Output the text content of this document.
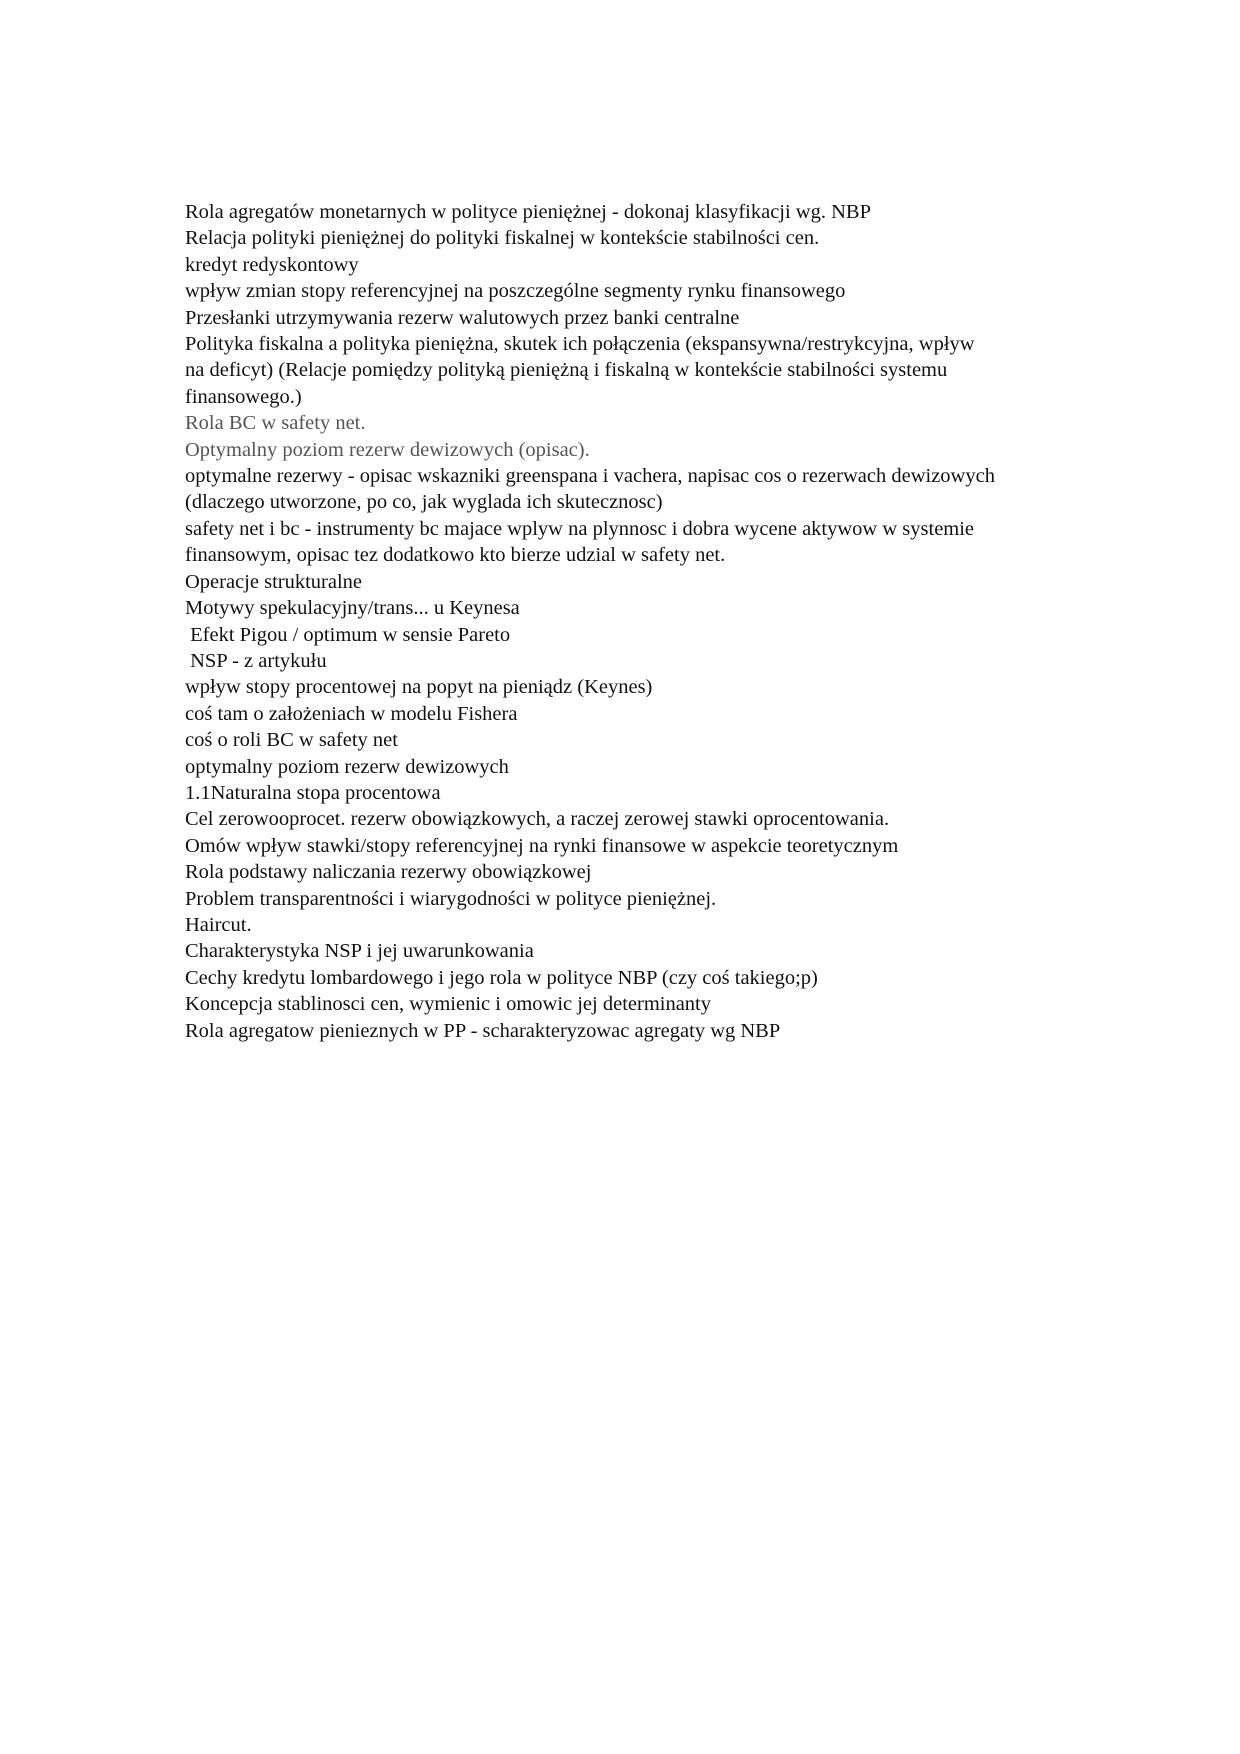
Rola agregatów monetarnych w polityce pieniężnej - dokonaj klasyfikacji wg. NBP
Relacja polityki pieniężnej do polityki fiskalnej w kontekście stabilności cen.
kredyt redyskontowy
wpływ zmian stopy referencyjnej na poszczególne segmenty rynku finansowego
Przesłanki utrzymywania rezerw walutowych przez banki centralne
Polityka fiskalna a polityka pieniężna, skutek ich połączenia (ekspansywna/restrykcyjna, wpływ
na deficyt) (Relacje pomiędzy polityką pieniężną i fiskalną w kontekście stabilności systemu
finansowego.)
Rola BC w safety net.
Optymalny poziom rezerw dewizowych (opisac).
optymalne rezerwy - opisac wskazniki greenspana i vachera, napisac cos o rezerwach dewizowych
(dlaczego utworzone, po co, jak wyglada ich skutecznosc)
safety net i bc - instrumenty bc majace wplyw na plynnosc i dobra wycene aktywow w systemie
finansowym, opisac tez dodatkowo kto bierze udzial w safety net.
Operacje strukturalne
Motywy spekulacyjny/trans... u Keynesa
Efekt Pigou / optimum w sensie Pareto
NSP - z artykułu
wpływ stopy procentowej na popyt na pieniądz (Keynes)
coś tam o założeniach w modelu Fishera
coś o roli BC w safety net
optymalny poziom rezerw dewizowych
1.1Naturalna stopa procentowa
Cel zerowooprocet. rezerw obowiązkowych, a raczej zerowej stawki oprocentowania.
Omów wpływ stawki/stopy referencyjnej na rynki finansowe w aspekcie teoretycznym
Rola podstawy naliczania rezerwy obowiązkowej
Problem transparentności i wiarygodności w polityce pieniężnej.
Haircut.
Charakterystyka NSP i jej uwarunkowania
Cechy kredytu lombardowego i jego rola w polityce NBP (czy coś takiego;p)
Koncepcja stablinosci cen, wymienic i omowic jej determinanty
Rola agregatow pienieznych w PP - scharakteryzowac agregaty wg NBP
